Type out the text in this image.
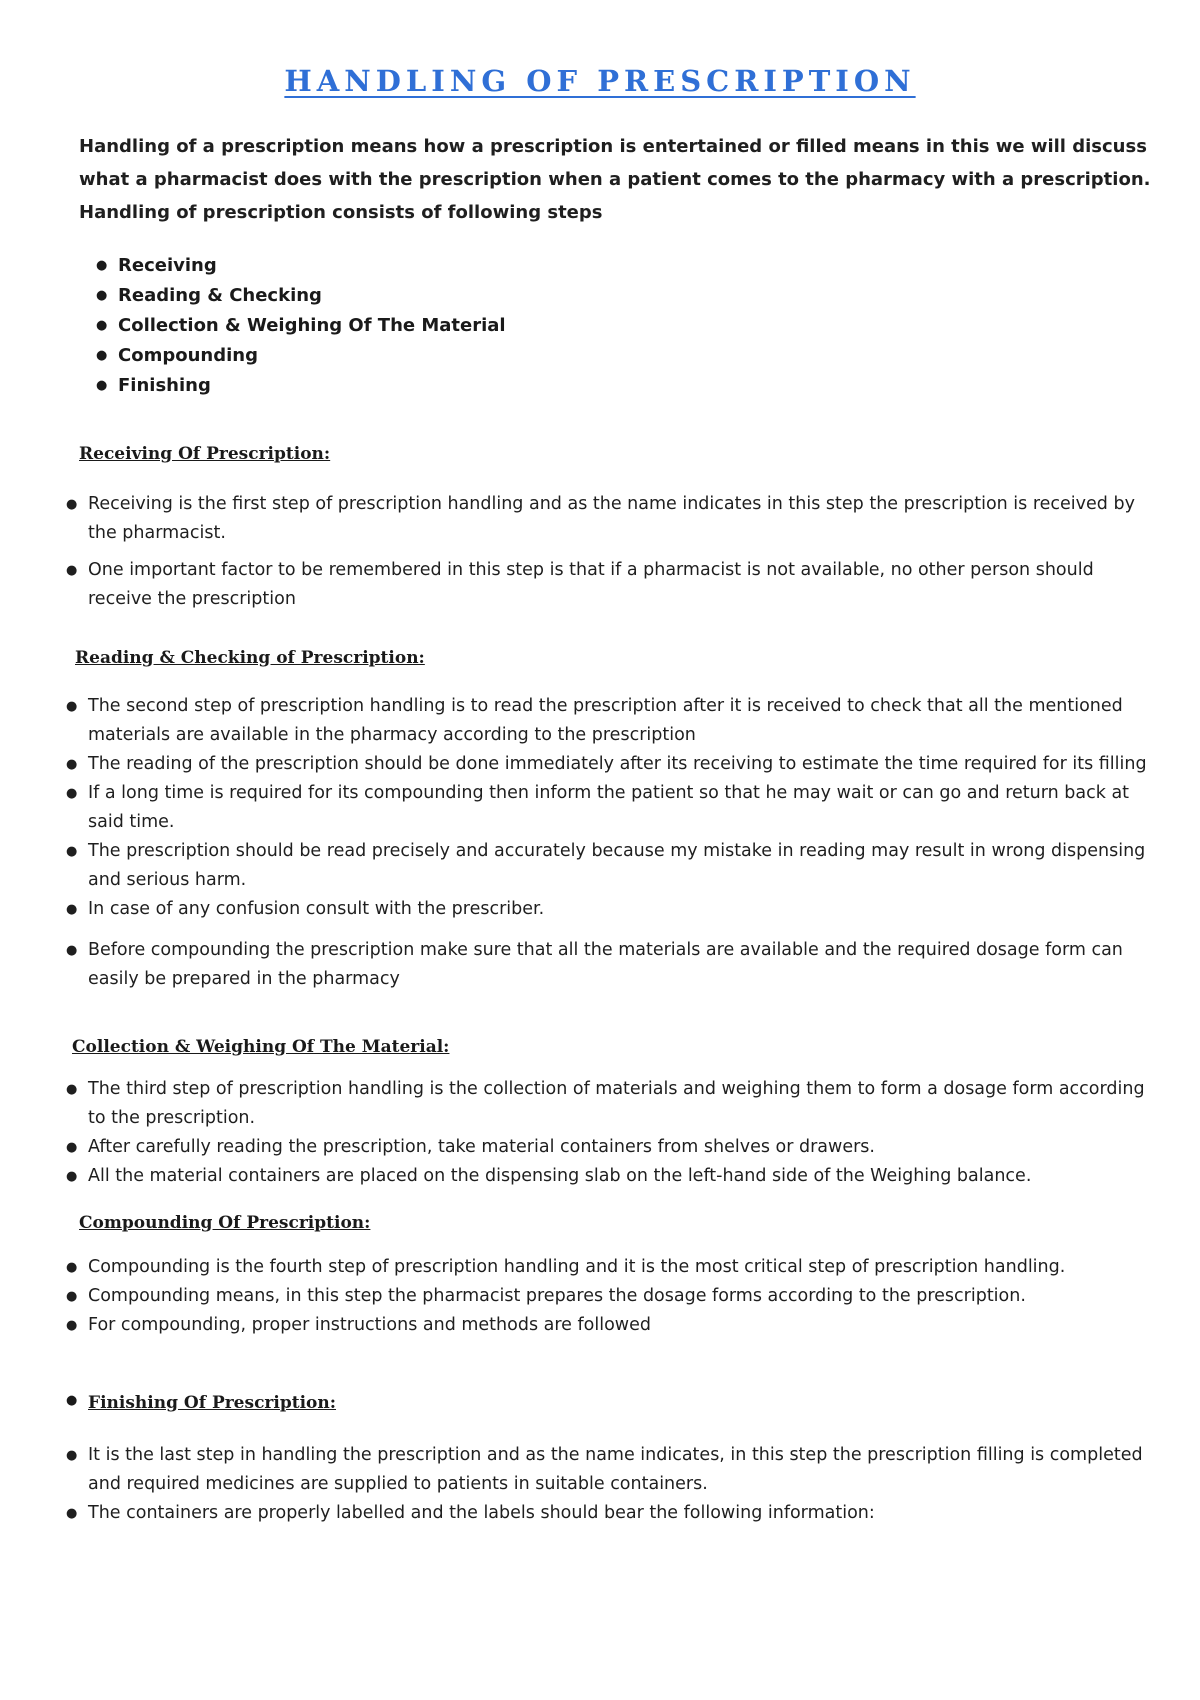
HANDLING OF PRESCRIPTION

Handling of a prescription means how a prescription is entertained or filled means in this we will discuss what a pharmacist does with the prescription when a patient comes to the pharmacy with a prescription.

Handling of prescription consists of following steps

● Receiving
● Reading & Checking
● Collection & Weighing Of The Material
● Compounding
● Finishing
Receiving Of Prescription:
● Receiving is the first step of prescription handling and as the name indicates in this step the prescription is received by the pharmacist.
● One important factor to be remembered in this step is that if a pharmacist is not available, no other person should receive the prescription
Reading & Checking of Prescription:
● The second step of prescription handling is to read the prescription after it is received to check that all the mentioned materials are available in the pharmacy according to the prescription
● The reading of the prescription should be done immediately after its receiving to estimate the time required for its filling
● If a long time is required for its compounding then inform the patient so that he may wait or can go and return back at said time.
● The prescription should be read precisely and accurately because my mistake in reading may result in wrong dispensing and serious harm.
● In case of any confusion consult with the prescriber.
● Before compounding the prescription make sure that all the materials are available and the required dosage form can easily be prepared in the pharmacy
Collection & Weighing Of The Material:
● The third step of prescription handling is the collection of materials and weighing them to form a dosage form according to the prescription.
● After carefully reading the prescription, take material containers from shelves or drawers.
● All the material containers are placed on the dispensing slab on the left-hand side of the Weighing balance.
Compounding Of Prescription:
● Compounding is the fourth step of prescription handling and it is the most critical step of prescription handling.
● Compounding means, in this step the pharmacist prepares the dosage forms according to the prescription.
● For compounding, proper instructions and methods are followed
● Finishing Of Prescription:
● It is the last step in handling the prescription and as the name indicates, in this step the prescription filling is completed and required medicines are supplied to patients in suitable containers.
● The containers are properly labelled and the labels should bear the following information:
